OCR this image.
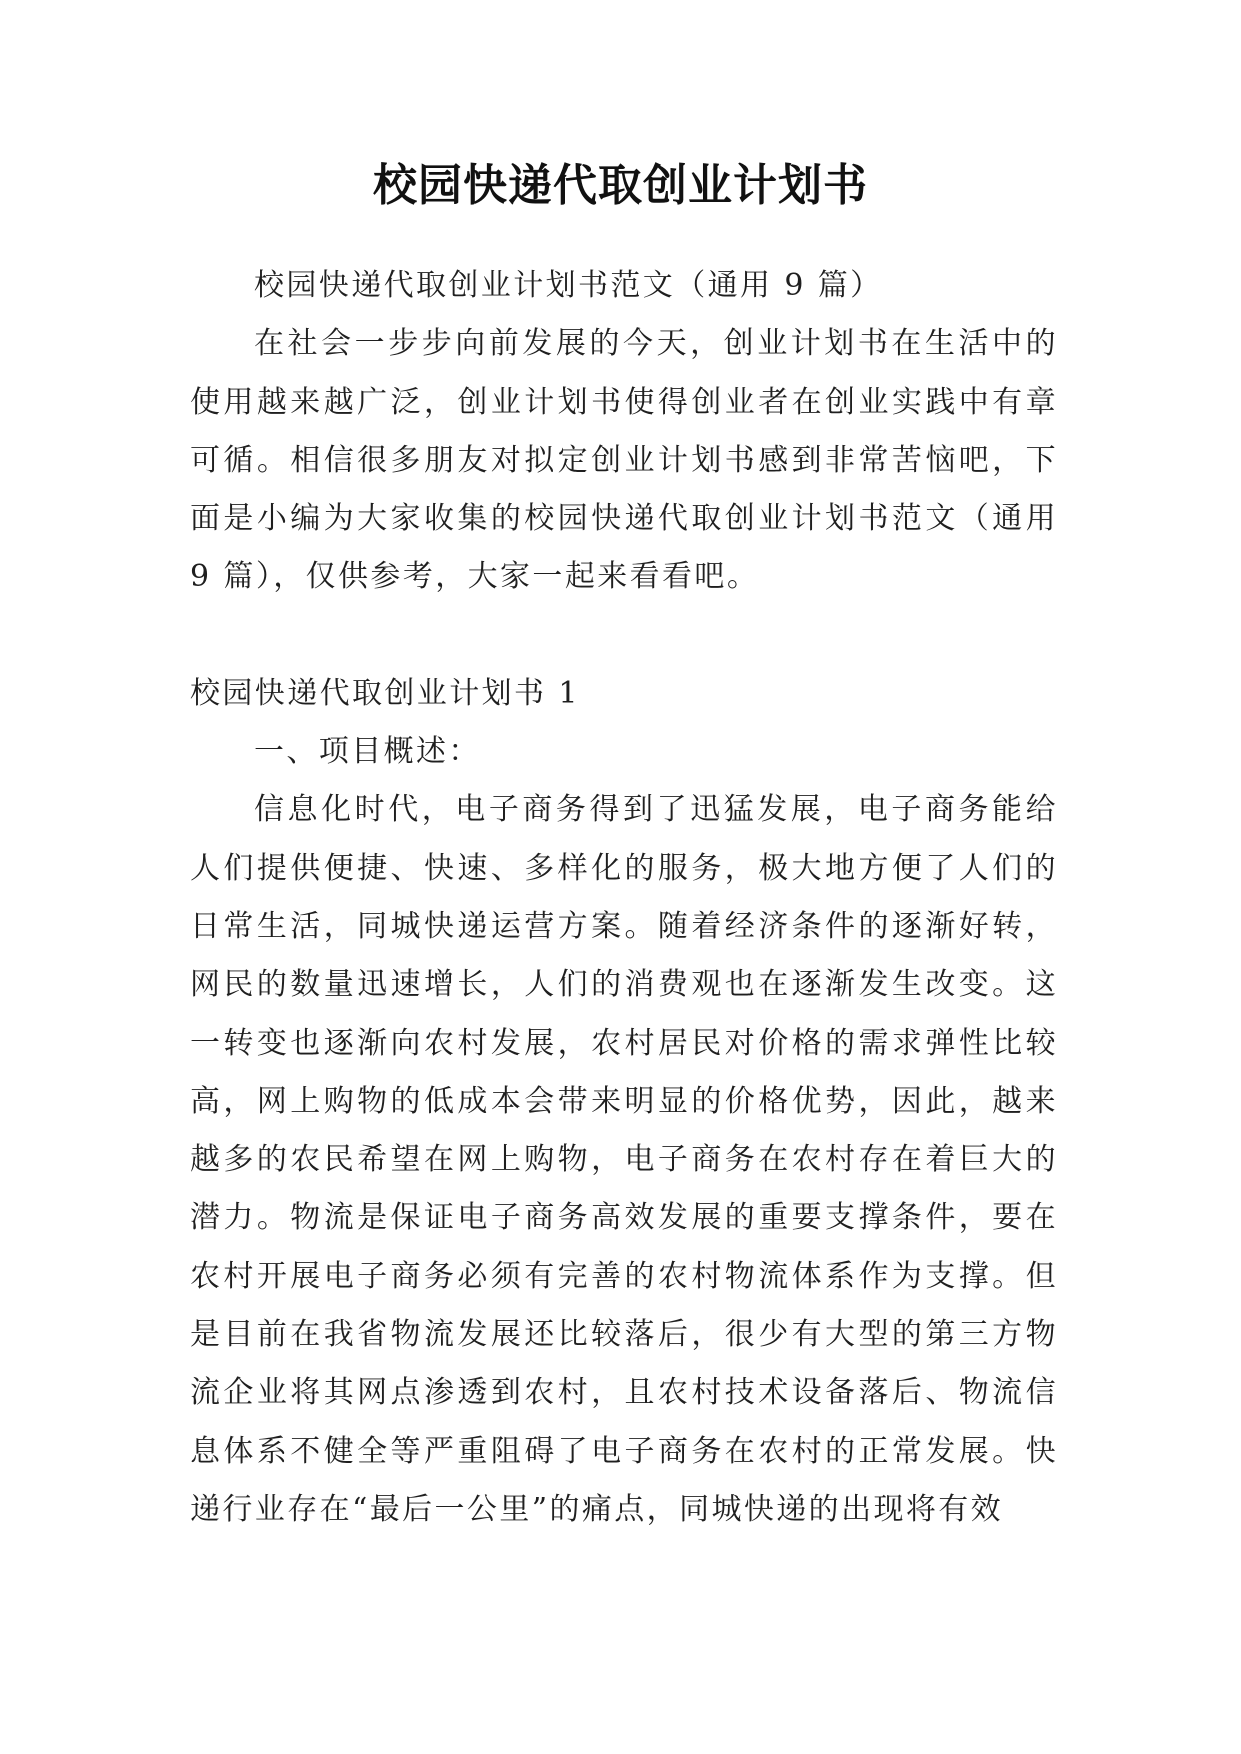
校园快递代取创业计划书

校园快递代取创业计划书范文（通用 9 篇）

在社会一步步向前发展的今天，创业计划书在生活中的使用越来越广泛，创业计划书使得创业者在创业实践中有章可循。相信很多朋友对拟定创业计划书感到非常苦恼吧，下面是小编为大家收集的校园快递代取创业计划书范文（通用 9 篇），仅供参考，大家一起来看看吧。

校园快递代取创业计划书 1

一、项目概述：

信息化时代，电子商务得到了迅猛发展，电子商务能给人们提供便捷、快速、多样化的服务，极大地方便了人们的日常生活，同城快递运营方案。随着经济条件的逐渐好转，网民的数量迅速增长，人们的消费观也在逐渐发生改变。这一转变也逐渐向农村发展，农村居民对价格的需求弹性比较高，网上购物的低成本会带来明显的价格优势，因此，越来越多的农民希望在网上购物，电子商务在农村存在着巨大的潜力。物流是保证电子商务高效发展的重要支撑条件，要在农村开展电子商务必须有完善的农村物流体系作为支撑。但是目前在我省物流发展还比较落后，很少有大型的第三方物流企业将其网点渗透到农村，且农村技术设备落后、物流信息体系不健全等严重阻碍了电子商务在农村的正常发展。快递行业存在“最后一公里”的痛点，同城快递的出现将有效
